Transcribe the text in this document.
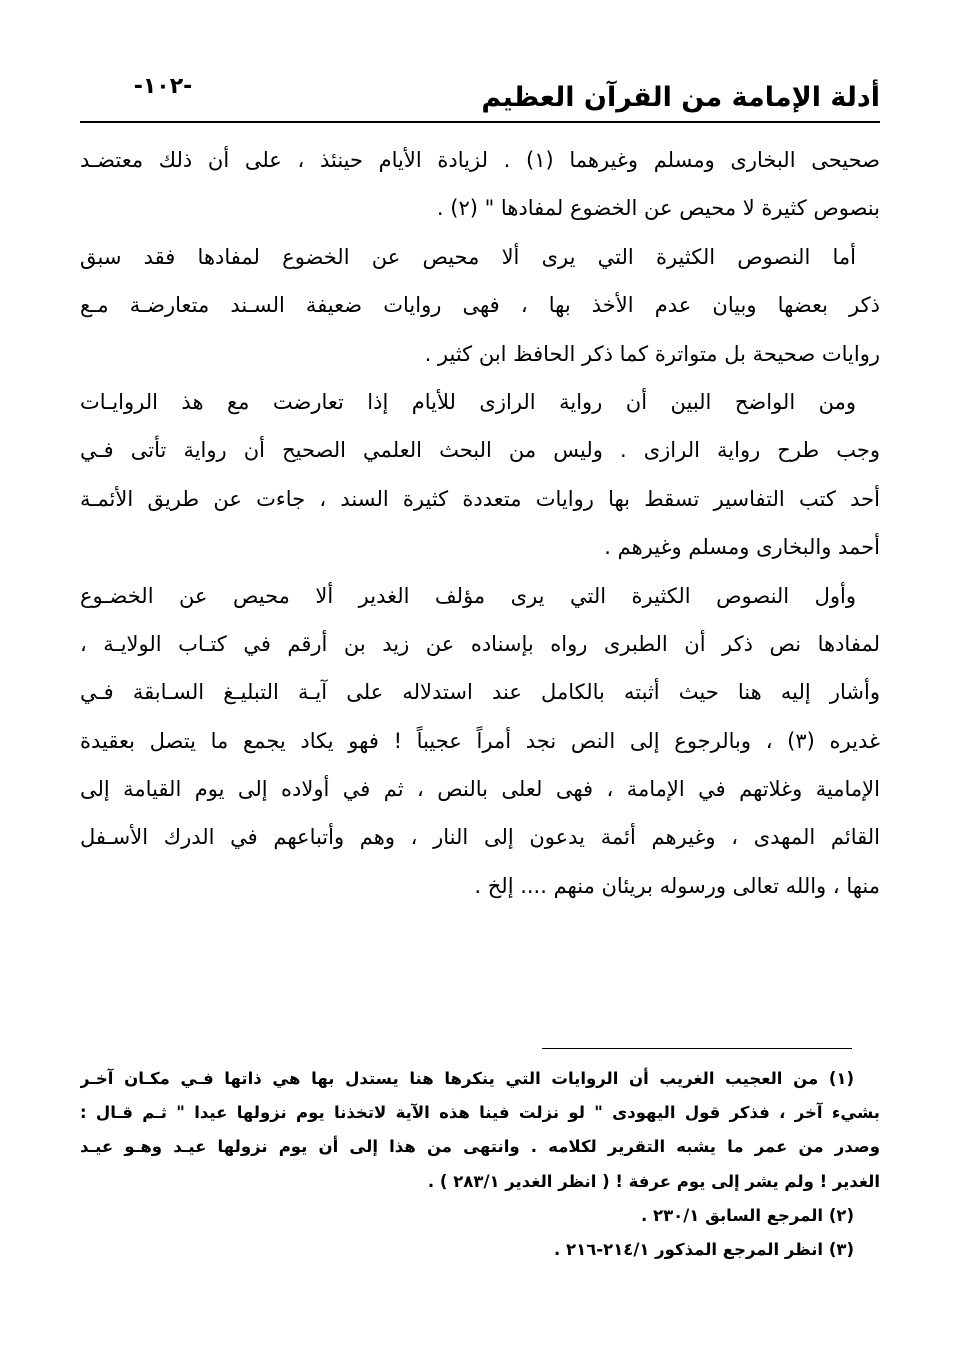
-١٠٢-	أدلة الإمامة من القرآن العظيم
صحيحى البخارى ومسلم وغيرهما (١) . لزيادة الأيام حينئذ ، على أن ذلك معتضـد
بنصوص كثيرة لا محيص عن الخضوع لمفادها " (٢) .
أما النصوص الكثيرة التي يرى ألا محيص عن الخضوع لمفادها فقد سبق
ذكر بعضها وبيان عدم الأخذ بها ، فهى روايات ضعيفة السـند متعارضـة مـع
روايات صحيحة بل متواترة كما ذكر الحافظ ابن كثير .
ومن الواضح البين أن رواية الرازى للأيام إذا تعارضت مع هذ الروايـات
وجب طرح رواية الرازى . وليس من البحث العلمي الصحيح أن رواية تأتى فـي
أحد كتب التفاسير تسقط بها روايات متعددة كثيرة السند ، جاءت عن طريق الأئمـة
أحمد والبخارى ومسلم وغيرهم .
وأول النصوص الكثيرة التي يرى مؤلف الغدير ألا محيص عن الخضـوع
لمفادها نص ذكر أن الطبرى رواه بإسناده عن زيد بن أرقم في كتـاب الولايـة ،
وأشار إليه هنا حيث أثبته بالكامل عند استدلاله على آيـة التبليـغ السـابقة فـي
غديره (٣) ، وبالرجوع إلى النص نجد أمراً عجيباً ! فهو يكاد يجمع ما يتصل بعقيدة
الإمامية وغلاتهم في الإمامة ، فهى لعلى بالنص ، ثم في أولاده إلى يوم القيامة إلى
القائم المهدى ، وغيرهم أئمة يدعون إلى النار ، وهم وأتباعهم في الدرك الأسـفل
منها ، والله تعالى ورسوله بريئان منهم .... إلخ .
(١) من العجيب الغريب أن الروايات التي ينكرها هنا يستدل بها هي ذاتها فـي مكـان آخـر
بشيء آخر ، فذكر قول اليهودى " لو نزلت فينا هذه الآية لاتخذنا يوم نزولها عيدا " ثـم قـال :
وصدر من عمر ما يشبه التقرير لكلامه . وانتهى من هذا إلى أن يوم نزولها عيـد وهـو عيـد
الغدير ! ولم يشر إلى يوم عرفة ! ( انظر الغدير ٢٨٣/١ ) .
(٢) المرجع السابق ٢٣٠/١ .
(٣) انظر المرجع المذكور ٢١٤/١-٢١٦ .
